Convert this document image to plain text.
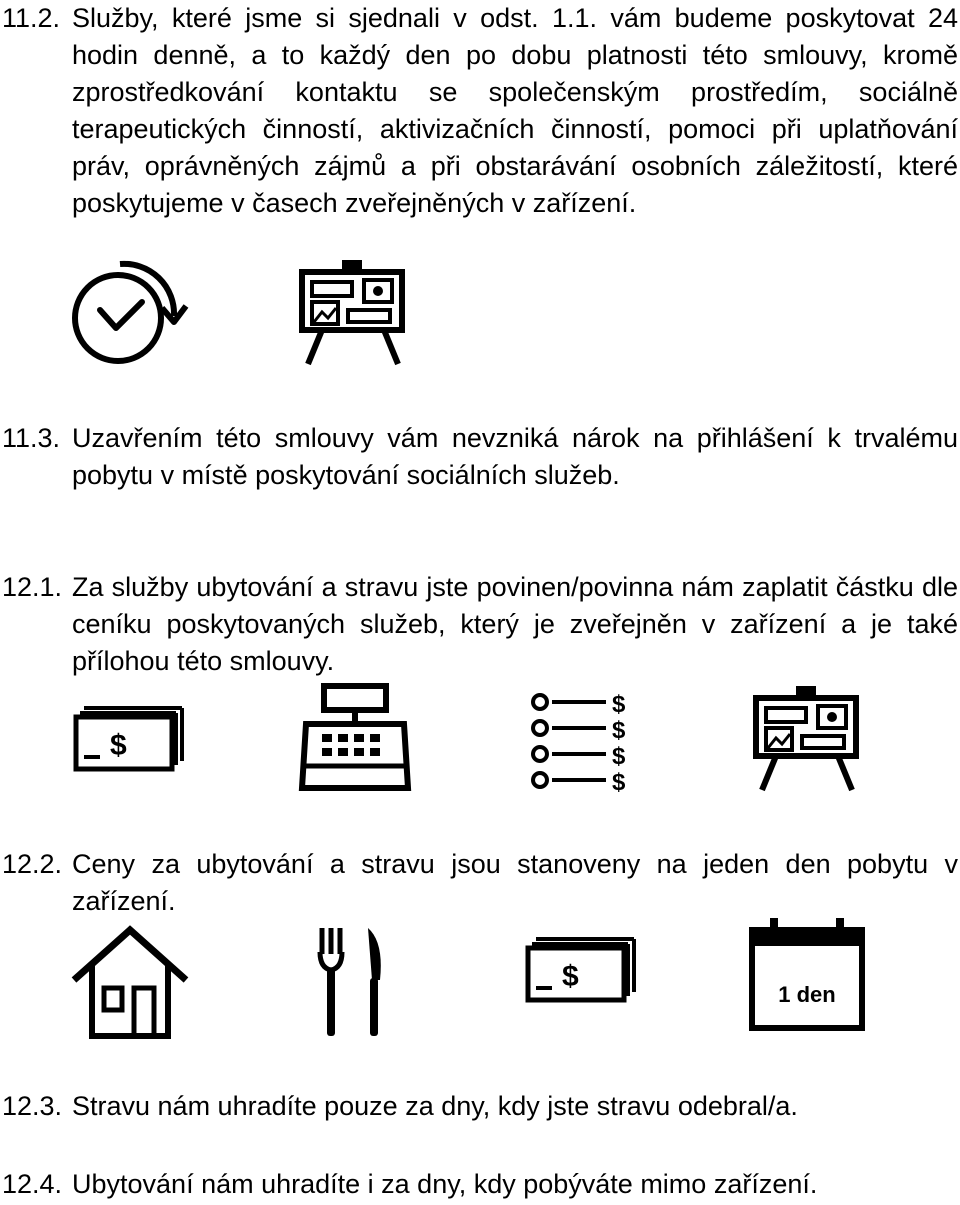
11.2. Služby, které jsme si sjednali v odst. 1.1. vám budeme poskytovat 24 hodin denně, a to každý den po dobu platnosti této smlouvy, kromě zprostředkování kontaktu se společenským prostředím, sociálně terapeutických činností, aktivizačních činností, pomoci při uplatňování práv, oprávněných zájmů a při obstarávání osobních záležitostí, které poskytujeme v časech zveřejněných v zařízení.
11.3. Uzavřením této smlouvy vám nevzniká nárok na přihlášení k trvalému pobytu v místě poskytování sociálních služeb.
12.1. Za služby ubytování a stravu jste povinen/povinna nám zaplatit částku dle ceníku poskytovaných služeb, který je zveřejněn v zařízení a je také přílohou této smlouvy.
$
$
$
$
$
12.2. Ceny za ubytování a stravu jsou stanoveny na jeden den pobytu v zařízení.
$
1 den
12.3. Stravu nám uhradíte pouze za dny, kdy jste stravu odebral/a.
12.4. Ubytování nám uhradíte i za dny, kdy pobýváte mimo zařízení.
